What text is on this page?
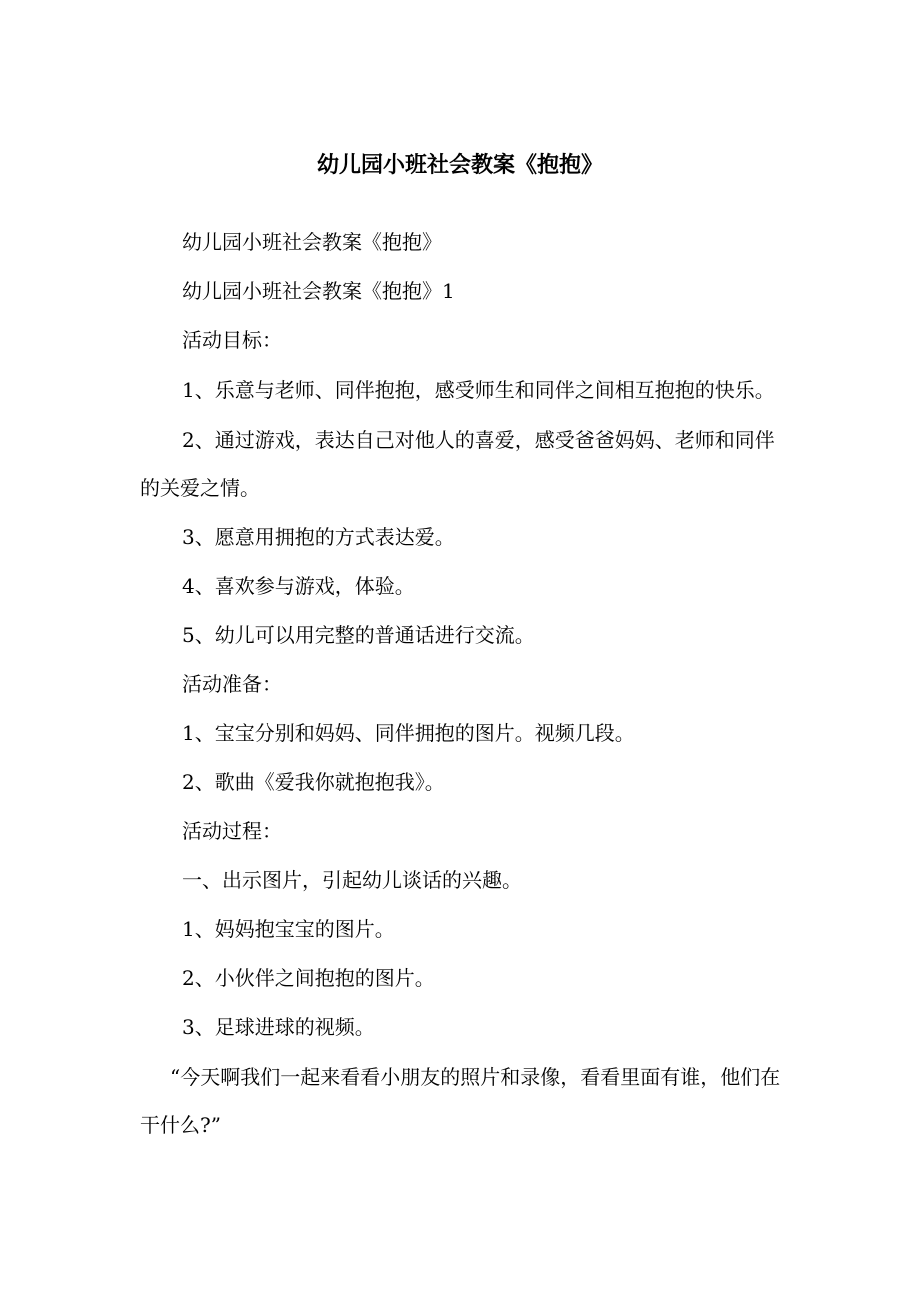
幼儿园小班社会教案《抱抱》

幼儿园小班社会教案《抱抱》

幼儿园小班社会教案《抱抱》1

活动目标：

1、乐意与老师、同伴抱抱，感受师生和同伴之间相互抱抱的快乐。

2、通过游戏，表达自己对他人的喜爱，感受爸爸妈妈、老师和同伴的关爱之情。

3、愿意用拥抱的方式表达爱。

4、喜欢参与游戏，体验。

5、幼儿可以用完整的普通话进行交流。

活动准备：

1、宝宝分别和妈妈、同伴拥抱的图片。视频几段。

2、歌曲《爱我你就抱抱我》。

活动过程：

一、出示图片，引起幼儿谈话的兴趣。

1、妈妈抱宝宝的图片。

2、小伙伴之间抱抱的图片。

3、足球进球的视频。

“今天啊我们一起来看看小朋友的照片和录像，看看里面有谁，他们在干什么?”
